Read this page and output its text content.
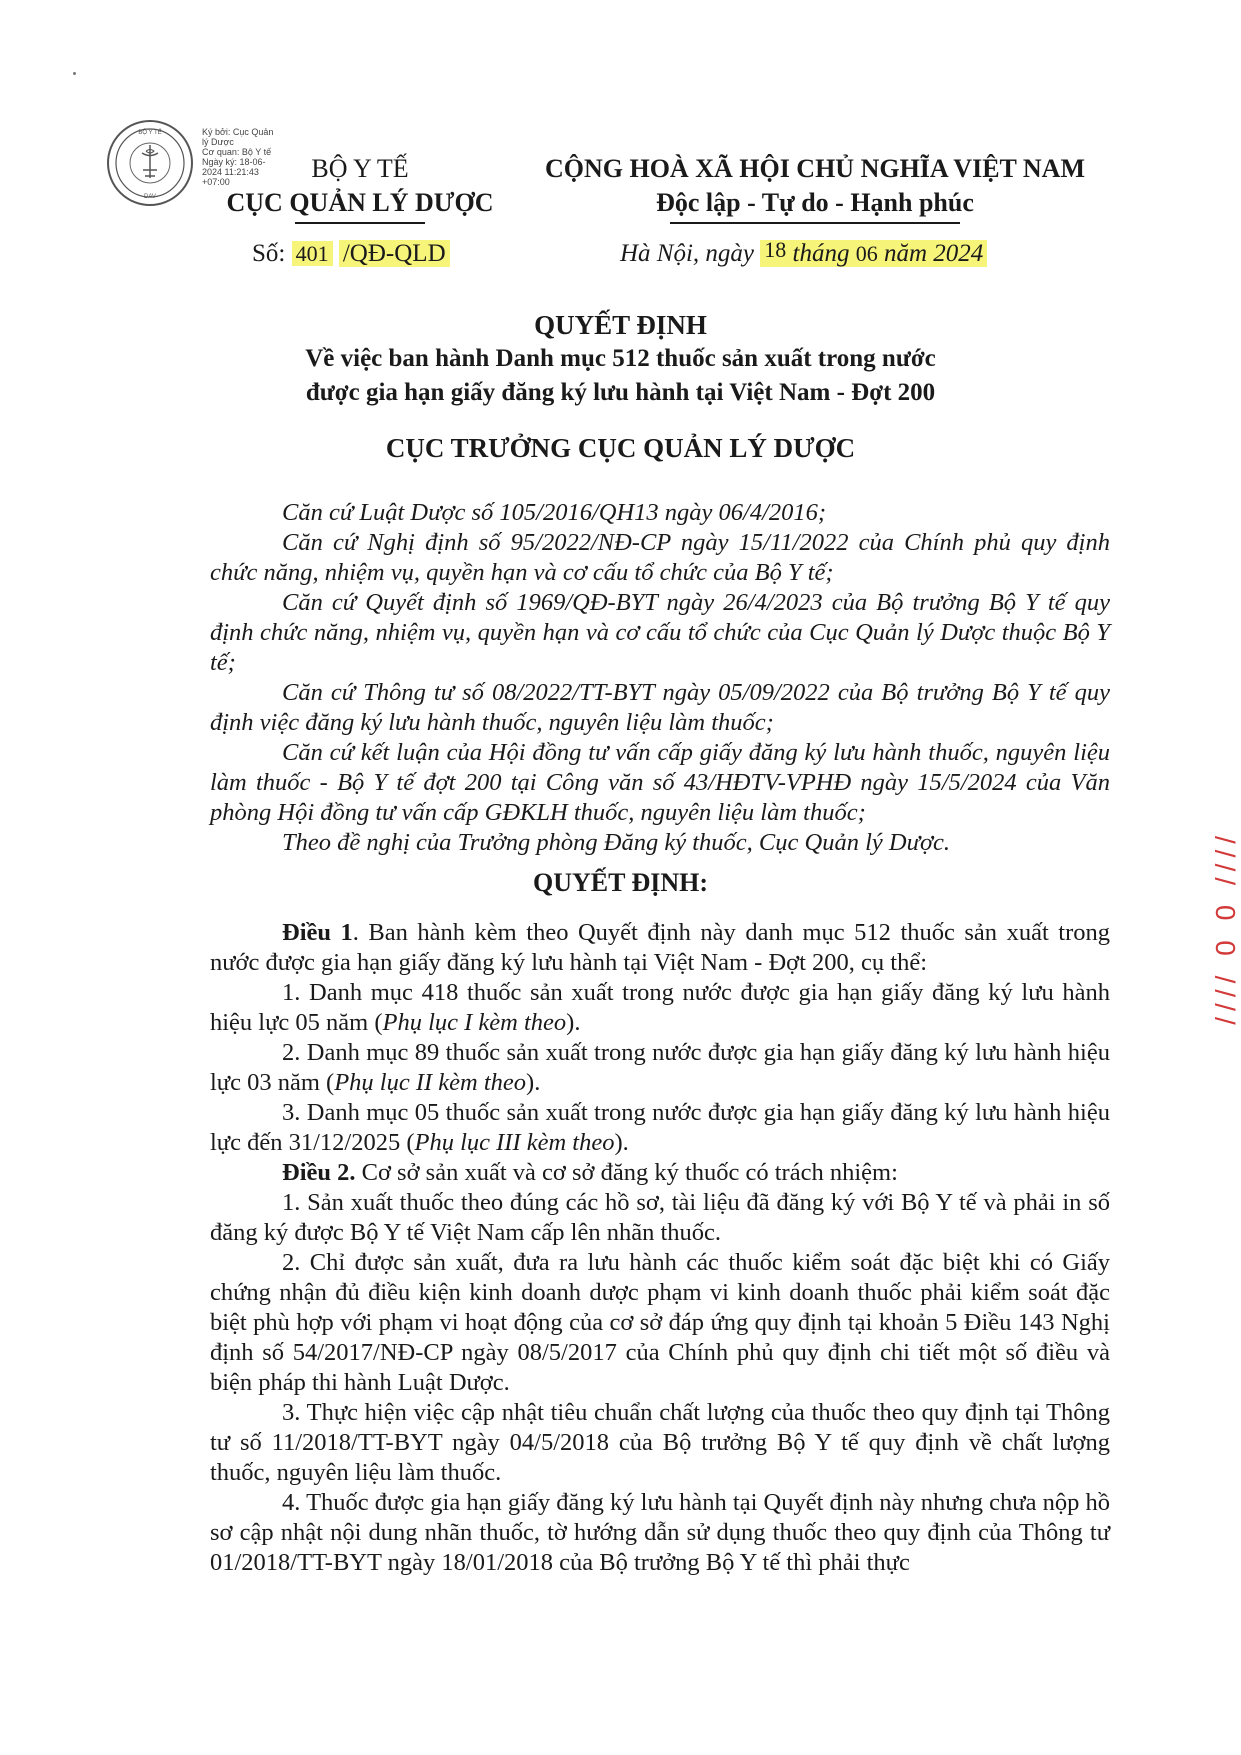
BỘ Y TẾ
DAV
Ký bởi: Cục Quản
lý Dược
Cơ quan: Bộ Y tế
Ngày ký: 18-06-
2024 11:21:43
+07:00	BỘ Y TẾ
CỤC QUẢN LÝ DƯỢC
CỘNG HOÀ XÃ HỘI CHỦ NGHĨA VIỆT NAM
Độc lập - Tự do - Hạnh phúc
Số: 401 /QĐ-QLD	Hà Nội, ngày 18 tháng 06 năm 2024
QUYẾT ĐỊNH
Về việc ban hành Danh mục 512 thuốc sản xuất trong nước
được gia hạn giấy đăng ký lưu hành tại Việt Nam - Đợt 200
CỤC TRƯỞNG CỤC QUẢN LÝ DƯỢC

Căn cứ Luật Dược số 105/2016/QH13 ngày 06/4/2016;

Căn cứ Nghị định số 95/2022/NĐ-CP ngày 15/11/2022 của Chính phủ quy định chức năng, nhiệm vụ, quyền hạn và cơ cấu tổ chức của Bộ Y tế;

Căn cứ Quyết định số 1969/QĐ-BYT ngày 26/4/2023 của Bộ trưởng Bộ Y tế quy định chức năng, nhiệm vụ, quyền hạn và cơ cấu tổ chức của Cục Quản lý Dược thuộc Bộ Y tế;

Căn cứ Thông tư số 08/2022/TT-BYT ngày 05/09/2022 của Bộ trưởng Bộ Y tế quy định việc đăng ký lưu hành thuốc, nguyên liệu làm thuốc;

Căn cứ kết luận của Hội đồng tư vấn cấp giấy đăng ký lưu hành thuốc, nguyên liệu làm thuốc - Bộ Y tế đợt 200 tại Công văn số 43/HĐTV-VPHĐ ngày 15/5/2024 của Văn phòng Hội đồng tư vấn cấp GĐKLH thuốc, nguyên liệu làm thuốc;

Theo đề nghị của Trưởng phòng Đăng ký thuốc, Cục Quản lý Dược.

QUYẾT ĐỊNH:

Điều 1. Ban hành kèm theo Quyết định này danh mục 512 thuốc sản xuất trong nước được gia hạn giấy đăng ký lưu hành tại Việt Nam - Đợt 200, cụ thể:

1. Danh mục 418 thuốc sản xuất trong nước được gia hạn giấy đăng ký lưu hành hiệu lực 05 năm (Phụ lục I kèm theo).

2. Danh mục 89 thuốc sản xuất trong nước được gia hạn giấy đăng ký lưu hành hiệu lực 03 năm (Phụ lục II kèm theo).

3. Danh mục 05 thuốc sản xuất trong nước được gia hạn giấy đăng ký lưu hành hiệu lực đến 31/12/2025 (Phụ lục III kèm theo).

Điều 2. Cơ sở sản xuất và cơ sở đăng ký thuốc có trách nhiệm:

1. Sản xuất thuốc theo đúng các hồ sơ, tài liệu đã đăng ký với Bộ Y tế và phải in số đăng ký được Bộ Y tế Việt Nam cấp lên nhãn thuốc.

2. Chỉ được sản xuất, đưa ra lưu hành các thuốc kiểm soát đặc biệt khi có Giấy chứng nhận đủ điều kiện kinh doanh dược phạm vi kinh doanh thuốc phải kiểm soát đặc biệt phù hợp với phạm vi hoạt động của cơ sở đáp ứng quy định tại khoản 5 Điều 143 Nghị định số 54/2017/NĐ-CP ngày 08/5/2017 của Chính phủ quy định chi tiết một số điều và biện pháp thi hành Luật Dược.

3. Thực hiện việc cập nhật tiêu chuẩn chất lượng của thuốc theo quy định tại Thông tư số 11/2018/TT-BYT ngày 04/5/2018 của Bộ trưởng Bộ Y tế quy định về chất lượng thuốc, nguyên liệu làm thuốc.

4. Thuốc được gia hạn giấy đăng ký lưu hành tại Quyết định này nhưng chưa nộp hồ sơ cập nhật nội dung nhãn thuốc, tờ hướng dẫn sử dụng thuốc theo quy định của Thông tư 01/2018/TT-BYT ngày 18/01/2018 của Bộ trưởng Bộ Y tế thì phải thực

//// 0 0 ////
